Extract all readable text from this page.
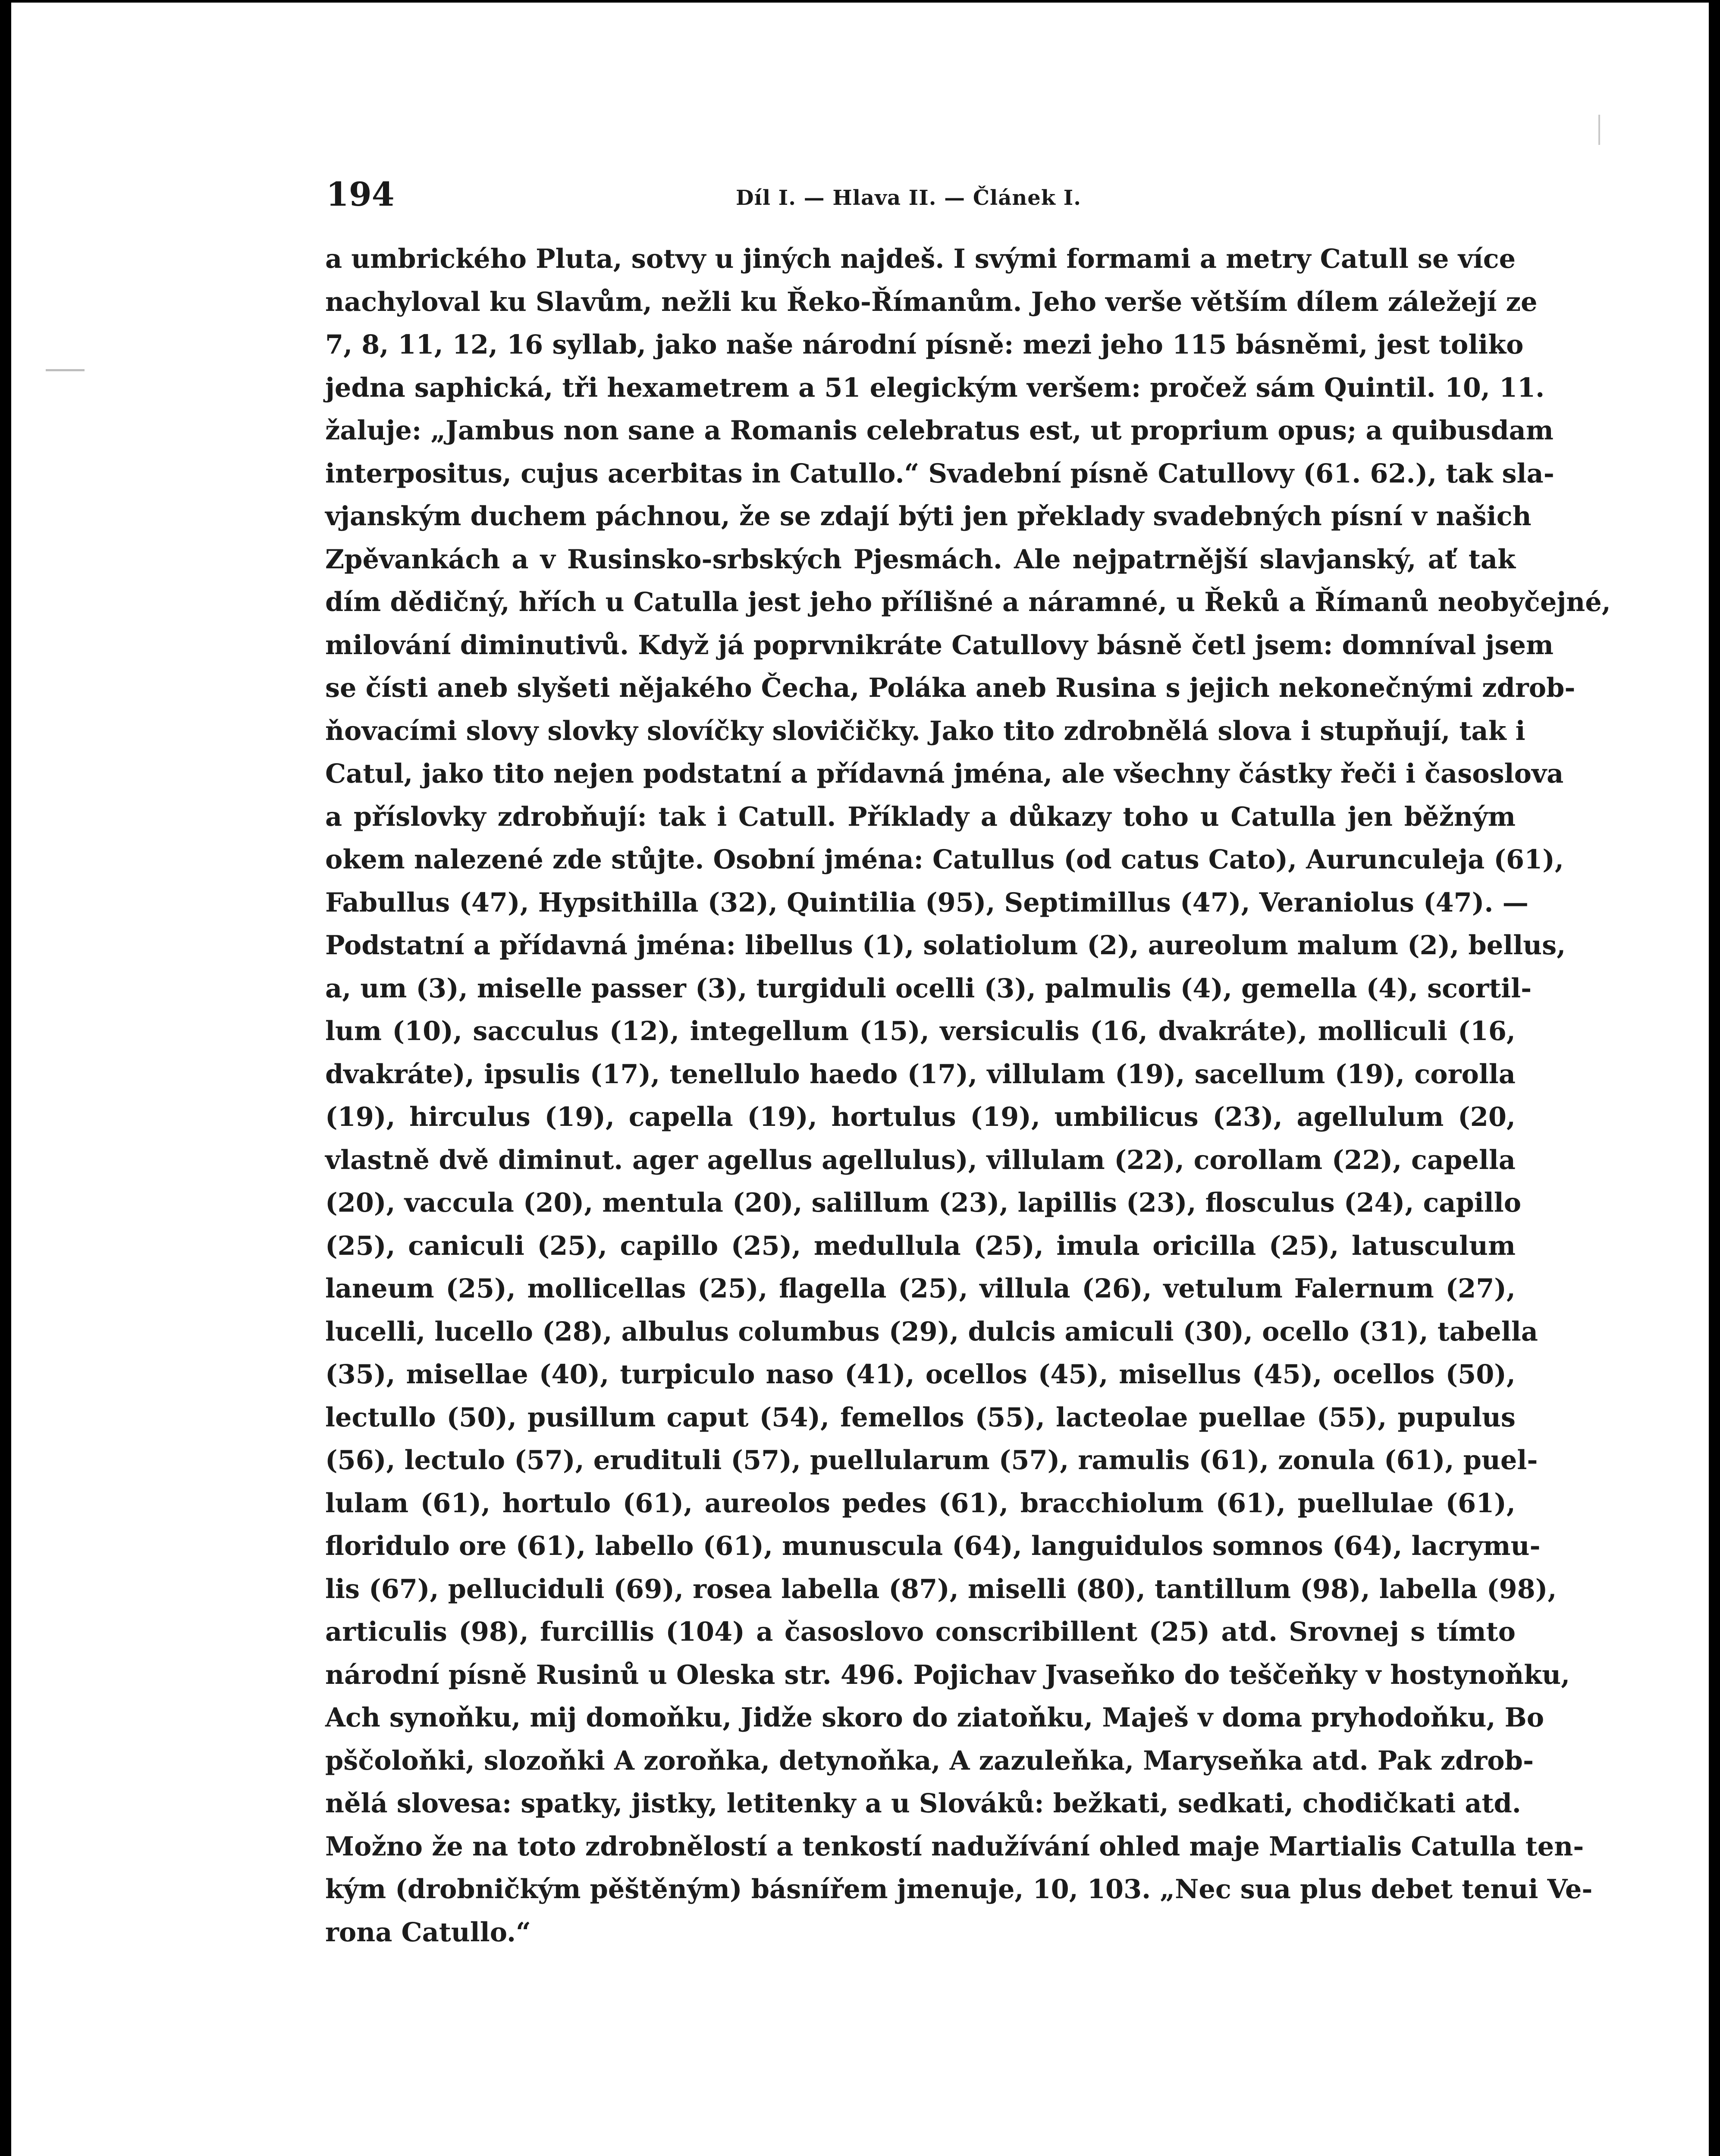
194	Díl I. — Hlava II. — Článek I.
a umbrického Pluta, sotvy u jiných najdeš. I svými formami a metry Catull se více
nachyloval ku Slavům, nežli ku Řeko-Římanům. Jeho verše větším dílem záležejí ze
7, 8, 11, 12, 16 syllab, jako naše národní písně: mezi jeho 115 básněmi, jest toliko
jedna saphická, tři hexametrem a 51 elegickým veršem: pročež sám Quintil. 10, 11.
žaluje: „Jambus non sane a Romanis celebratus est, ut proprium opus; a quibusdam
interpositus, cujus acerbitas in Catullo.“ Svadební písně Catullovy (61. 62.), tak sla-
vjanským duchem páchnou, že se zdají býti jen překlady svadebných písní v našich
Zpěvankách a v Rusinsko-srbských Pjesmách. Ale nejpatrnější slavjanský, ať tak
dím dědičný, hřích u Catulla jest jeho přílišné a náramné, u Řeků a Římanů neobyčejné,
milování diminutivů. Když já poprvnikráte Catullovy básně četl jsem: domníval jsem
se čísti aneb slyšeti nějakého Čecha, Poláka aneb Rusina s jejich nekonečnými zdrob-
ňovacími slovy slovky slovíčky slovičičky. Jako tito zdrobnělá slova i stupňují, tak i
Catul, jako tito nejen podstatní a přídavná jména, ale všechny částky řeči i časoslova
a příslovky zdrobňují: tak i Catull. Příklady a důkazy toho u Catulla jen běžným
okem nalezené zde stůjte. Osobní jména: Catullus (od catus Cato), Aurunculeja (61),
Fabullus (47), Hypsithilla (32), Quintilia (95), Septimillus (47), Veraniolus (47). —
Podstatní a přídavná jména: libellus (1), solatiolum (2), aureolum malum (2), bellus,
a, um (3), miselle passer (3), turgiduli ocelli (3), palmulis (4), gemella (4), scortil-
lum (10), sacculus (12), integellum (15), versiculis (16, dvakráte), molliculi (16,
dvakráte), ipsulis (17), tenellulo haedo (17), villulam (19), sacellum (19), corolla
(19), hirculus (19), capella (19), hortulus (19), umbilicus (23), agellulum (20,
vlastně dvě diminut. ager agellus agellulus), villulam (22), corollam (22), capella
(20), vaccula (20), mentula (20), salillum (23), lapillis (23), flosculus (24), capillo
(25), caniculi (25), capillo (25), medullula (25), imula oricilla (25), latusculum
laneum (25), mollicellas (25), flagella (25), villula (26), vetulum Falernum (27),
lucelli, lucello (28), albulus columbus (29), dulcis amiculi (30), ocello (31), tabella
(35), misellae (40), turpiculo naso (41), ocellos (45), misellus (45), ocellos (50),
lectullo (50), pusillum caput (54), femellos (55), lacteolae puellae (55), pupulus
(56), lectulo (57), erudituli (57), puellularum (57), ramulis (61), zonula (61), puel-
lulam (61), hortulo (61), aureolos pedes (61), bracchiolum (61), puellulae (61),
floridulo ore (61), labello (61), munuscula (64), languidulos somnos (64), lacrymu-
lis (67), pelluciduli (69), rosea labella (87), miselli (80), tantillum (98), labella (98),
articulis (98), furcillis (104) a časoslovo conscribillent (25) atd. Srovnej s tímto
národní písně Rusinů u Oleska str. 496. Pojichav Jvaseňko do teščeňky v hostynoňku,
Ach synoňku, mij domoňku, Jidže skoro do ziatoňku, Maješ v doma pryhodoňku, Bo
pščoloňki, slozoňki A zoroňka, detynoňka, A zazuleňka, Maryseňka atd. Pak zdrob-
nělá slovesa: spatky, jistky, letitenky a u Slováků: bežkati, sedkati, chodičkati atd.
Možno že na toto zdrobnělostí a tenkostí nadužívání ohled maje Martialis Catulla ten-
kým (drobničkým pěštěným) básnířem jmenuje, 10, 103. „Nec sua plus debet tenui Ve-
rona Catullo.“
